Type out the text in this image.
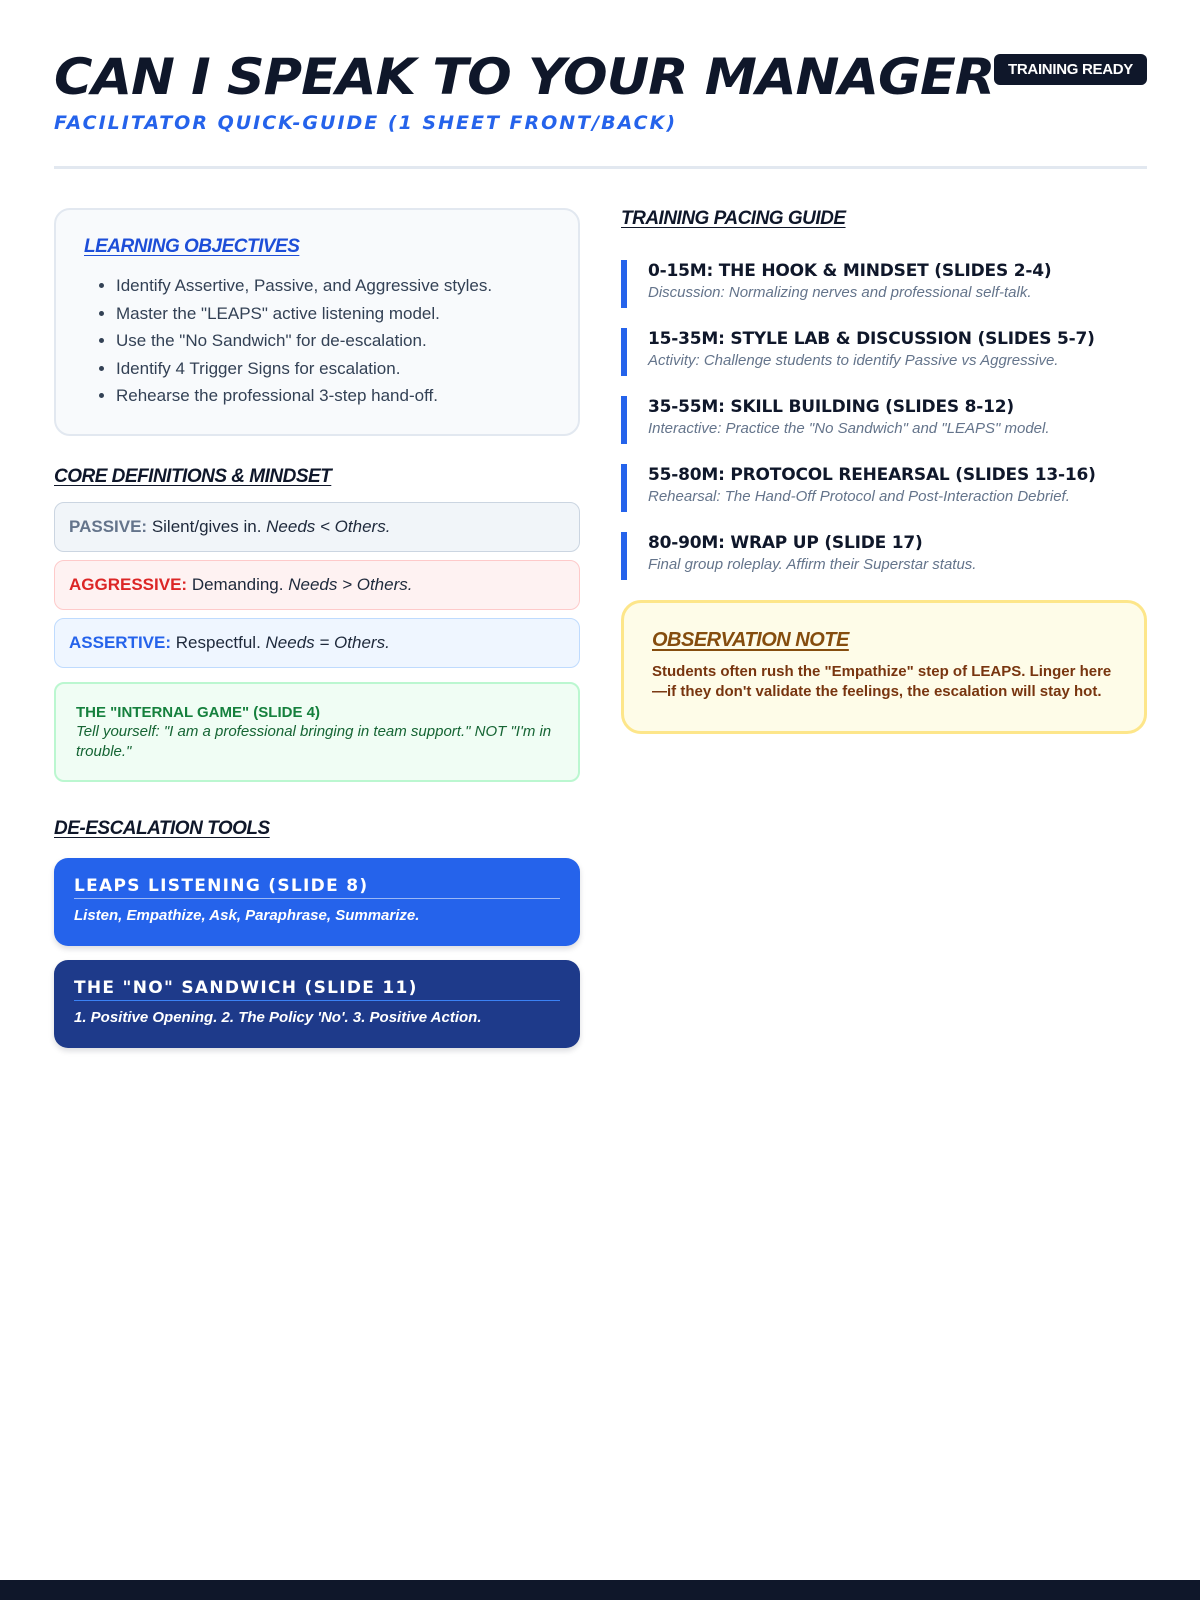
CAN I SPEAK TO YOUR MANAGER
FACILITATOR QUICK-GUIDE (1 SHEET FRONT/BACK)
TRAINING READY
LEARNING OBJECTIVES
• Identify Assertive, Passive, and Aggressive styles.
• Master the "LEAPS" active listening model.
• Use the "No Sandwich" for de-escalation.
• Identify 4 Trigger Signs for escalation.
• Rehearse the professional 3-step hand-off.
CORE DEFINITIONS & MINDSET
PASSIVE: Silent/gives in. Needs < Others.
AGGRESSIVE: Demanding. Needs > Others.
ASSERTIVE: Respectful. Needs = Others.
THE "INTERNAL GAME" (SLIDE 4)
Tell yourself: "I am a professional bringing in team support." NOT "I'm in trouble."
DE-ESCALATION TOOLS
LEAPS LISTENING (SLIDE 8)
Listen, Empathize, Ask, Paraphrase, Summarize.
THE "NO" SANDWICH (SLIDE 11)
1. Positive Opening. 2. The Policy 'No'. 3. Positive Action.
TRAINING PACING GUIDE
0-15M: THE HOOK & MINDSET (SLIDES 2-4)
Discussion: Normalizing nerves and professional self-talk.
15-35M: STYLE LAB & DISCUSSION (SLIDES 5-7)
Activity: Challenge students to identify Passive vs Aggressive.
35-55M: SKILL BUILDING (SLIDES 8-12)
Interactive: Practice the "No Sandwich" and "LEAPS" model.
55-80M: PROTOCOL REHEARSAL (SLIDES 13-16)
Rehearsal: The Hand-Off Protocol and Post-Interaction Debrief.
80-90M: WRAP UP (SLIDE 17)
Final group roleplay. Affirm their Superstar status.
OBSERVATION NOTE
Students often rush the "Empathize" step of LEAPS. Linger here—if they don't validate the feelings, the escalation will stay hot.
